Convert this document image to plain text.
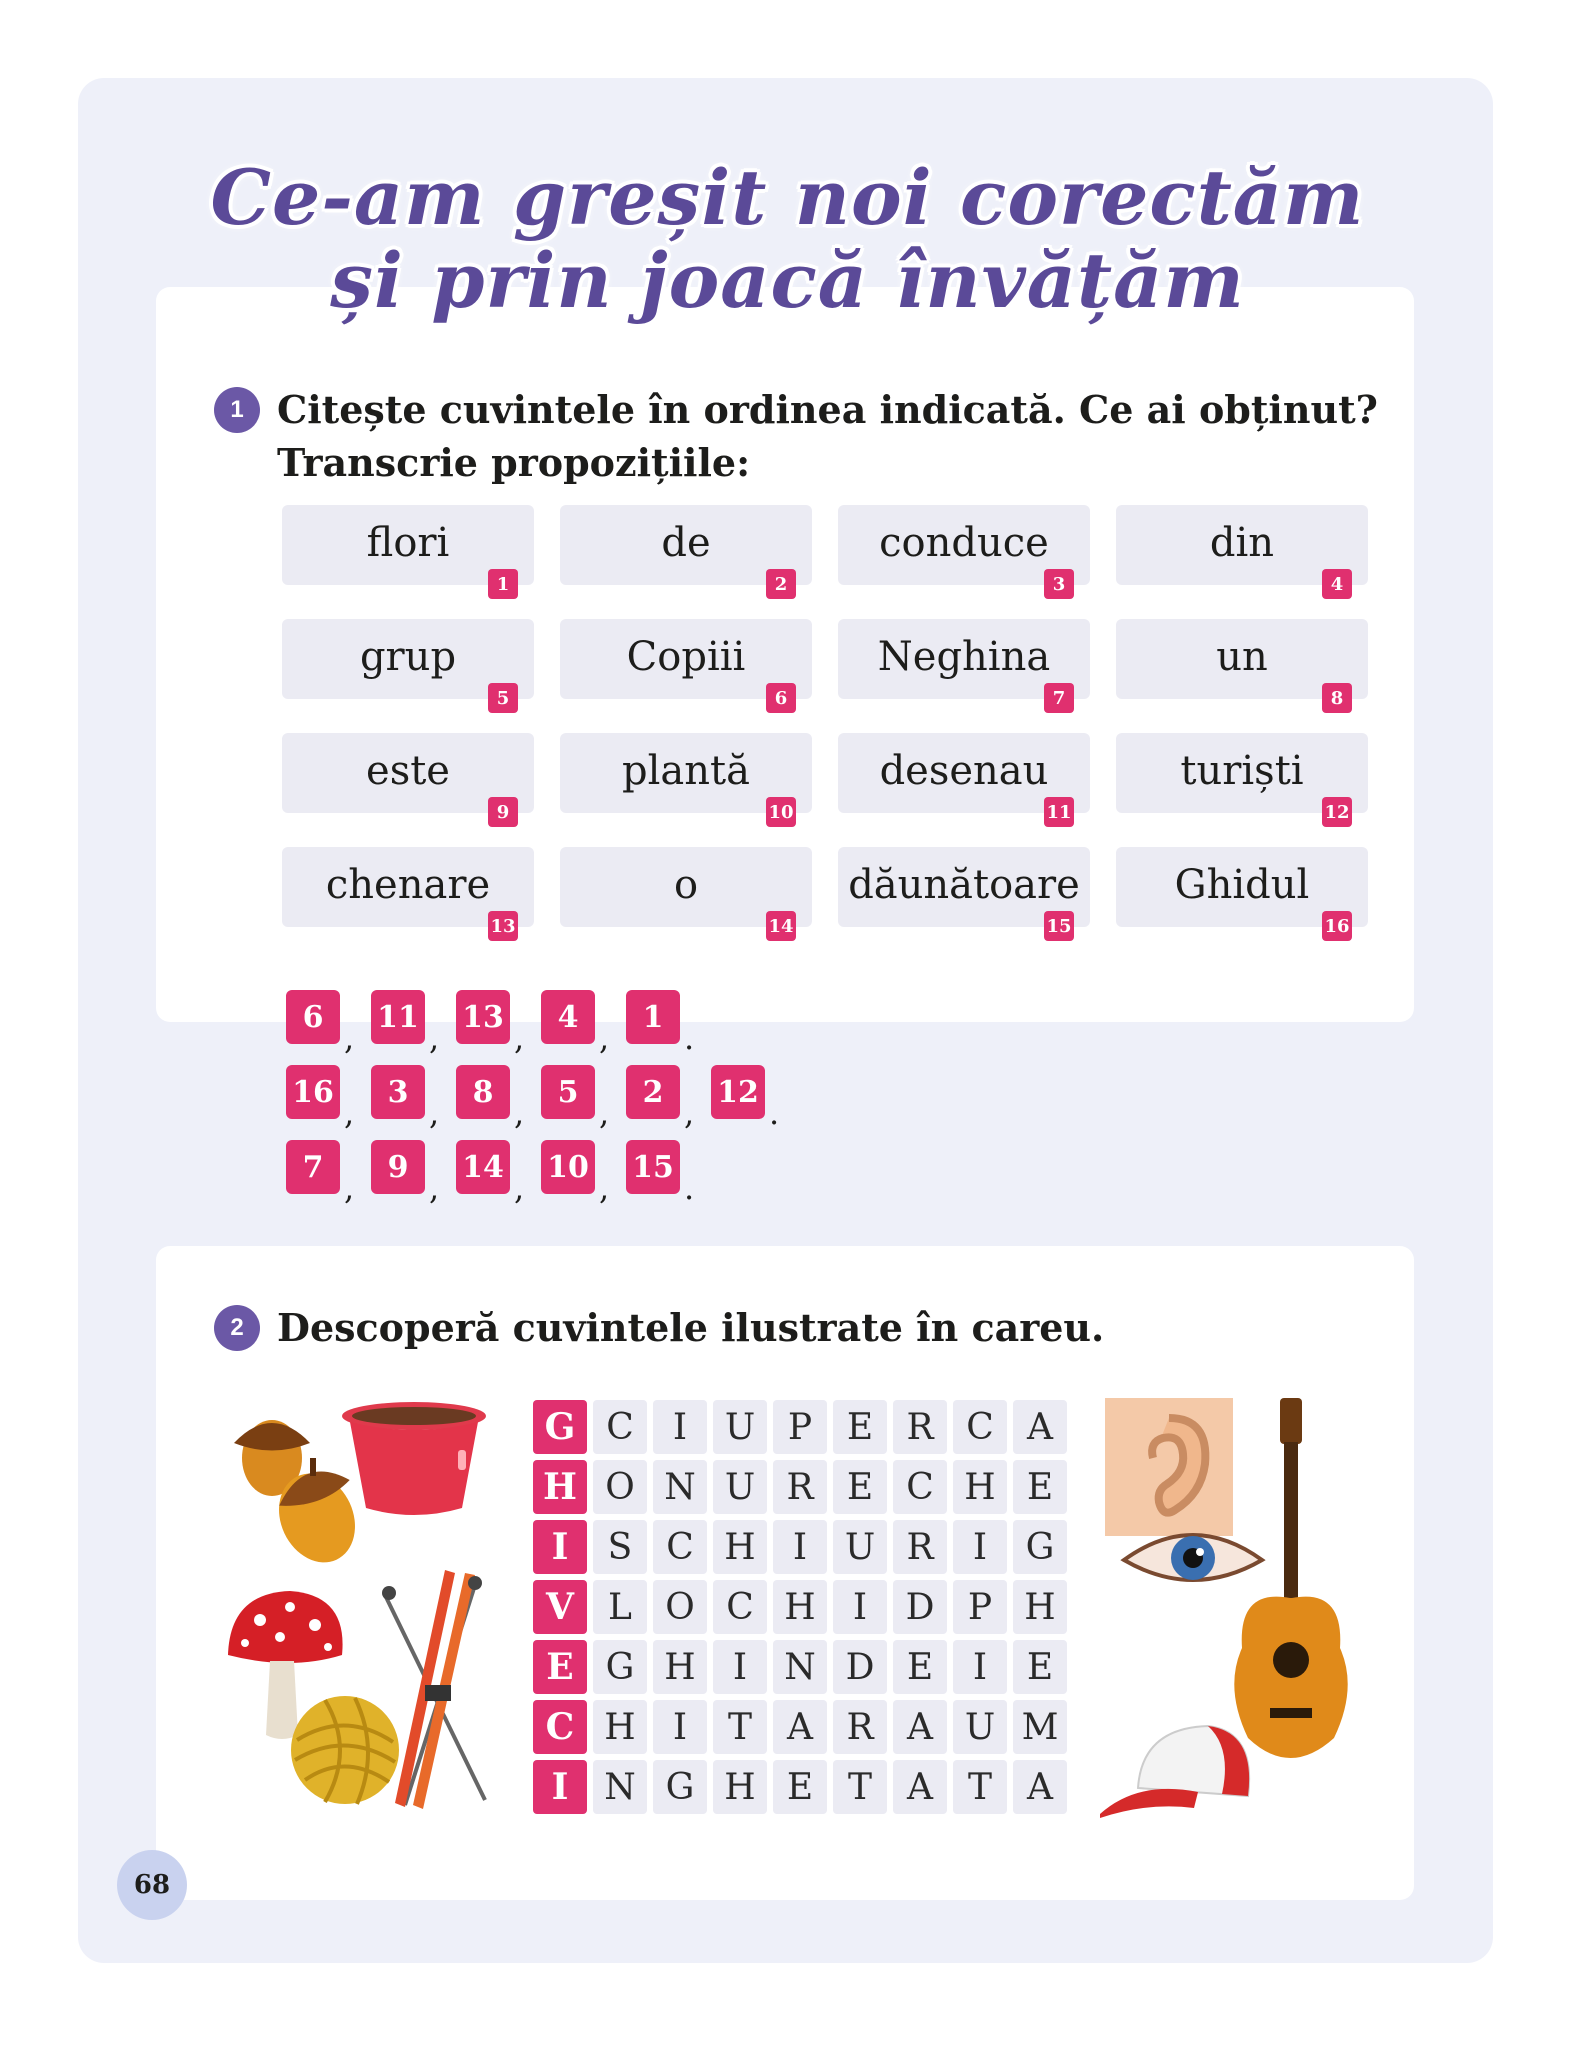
Ce-am greșit noi corectăm
și prin joacă învățăm
1 Citește cuvintele în ordinea indicată. Ce ai obținut?
Transcrie propozițiile:
flori
1
de
2
conduce
3
din
4
grup
5
Copiii
6
Neghina
7
un
8
este
9
plantă
10
desenau
11
turiști
12
chenare
13
o
14
dăunătoare
15
Ghidul
16
6
,
11
,
13
,
4
,
1
.
16
,
3
,
8
,
5
,
2
,
12
.
7
,
9
,
14
,
10
,
15
.
2 Descoperă cuvintele ilustrate în careu.
G C	I	U P E R C A
H O N U R E C H E
I	S C H	I	U R	I	G
V L O C H	I	D P H
E G H	I	N D E	I	E
C H	I	T A R A U M
I N G H E T A T A
68
